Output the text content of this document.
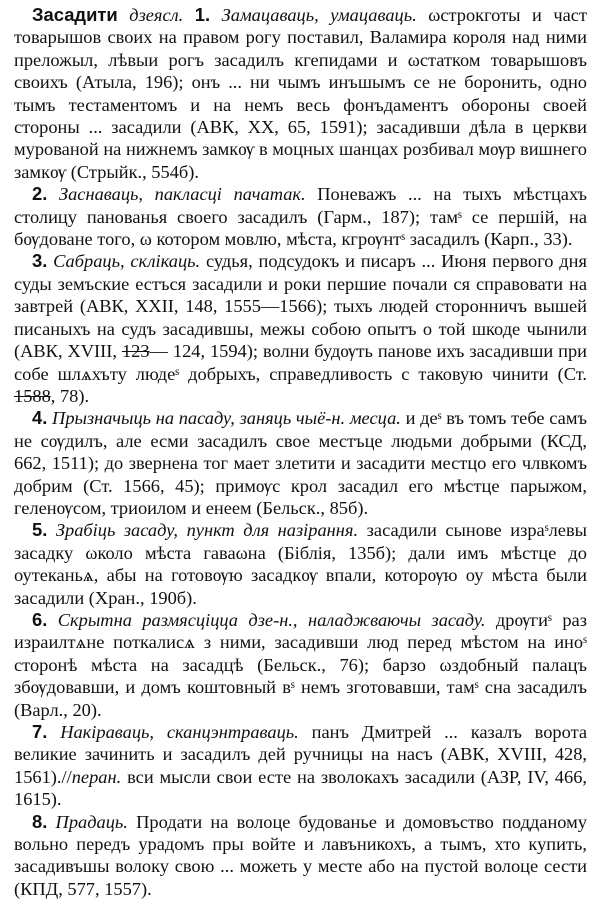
Засадити дзеясл. 1. Замацаваць, умацаваць. ωстрокготы и част товарышов своих на правом рогу поставил, Валамира короля над ними преложыл, лѣвыи рогъ засадилъ кгепидами и ωстатком товарышовъ своихъ (Атыла, 196); онъ ... ни чымъ инъшымъ се не боронить, одно тымъ тестаментомъ и на немъ весь фонъдаментъ обороны своей стороны ... засадили (АВК, XX, 65, 1591); засадивши дѣла в церкви мурованой на нижнемъ замкѹ в моцных шанцах розбивал мѹр вишнего замкѹ (Стрыйк., 554б).

2. Заснаваць, пакласці пачатак. Поневажъ ... на тыхъ мѣстцахъ столицу панованья своего засадилъ (Гарм., 187); тамˢ се першій, на бѹдоване того, ω котором мовлю, мѣста, кгрѹнтˢ засадилъ (Карп., 33).

3. Сабраць, склікаць. судья, подсудокъ и писаръ ... Июня первого дня суды земъские естъся засадили и роки першие почали ся справовати на завтрей (АВК, XXII, 148, 1555—1566); тыхъ людей сторонничъ вышей писаныхъ на судъ засадившы, межы собою опытъ о той шкоде чынили (АВК, XVIII, 123— 124, 1594); волни будѹть панове ихъ засадивши при собе шлѧхъту людеˢ добрыхъ, справедливость с таковую чинити (Ст. 1588, 78).

4. Прызначыць на пасаду, заняць чыё-н. месца. и деˢ въ томъ тебе самъ не сѹдилъ, але есми засадилъ свое местъце людьми добрыми (КСД, 662, 1511); до звернена тог мает злетити и засадити местцо его члвкомъ добрим (Ст. 1566, 45); примѹс крол засадил его мѣстце парыжом, геленѹсом, триоилом и енеем (Бельск., 85б).

5. Зрабіць засаду, пункт для назірання. засадили сынове израˢлевы засадку ωколо мѣста гаваωна (Біблія, 135б); дали имъ мѣстце до оутеканьѧ, абы на готовѹю засадкѹ впали, которѹю оу мѣста были засадили (Хран., 190б).

6. Скрытна размясціцца дзе-н., наладжваючы засаду. дрѹгиˢ раз израилтѧне поткалисѧ з ними, засадивши люд перед мѣстом на иноˢ сторонѣ мѣста на засадцѣ (Бельск., 76); барзо ωздобный палацъ збѹдовавши, и домъ коштовный вˢ немъ зготовавши, тамˢ сна засадилъ (Варл., 20).

7. Накіраваць, сканцэнтраваць. панъ Дмитрей ... казалъ ворота великие зачинить и засадилъ дей ручницы на насъ (АВК, XVIII, 428, 1561).//перан. вси мысли свои есте на зволокахъ засадили (АЗР, IV, 466, 1615).

8. Прадаць. Продати на волоце будованье и домовъство подданому вольно передъ урадомъ пры войте и лавъникохъ, а тымъ, хто купить, засадивъшы волоку свою ... можеть у месте або на пустой волоце сести (КПД, 577, 1557).
